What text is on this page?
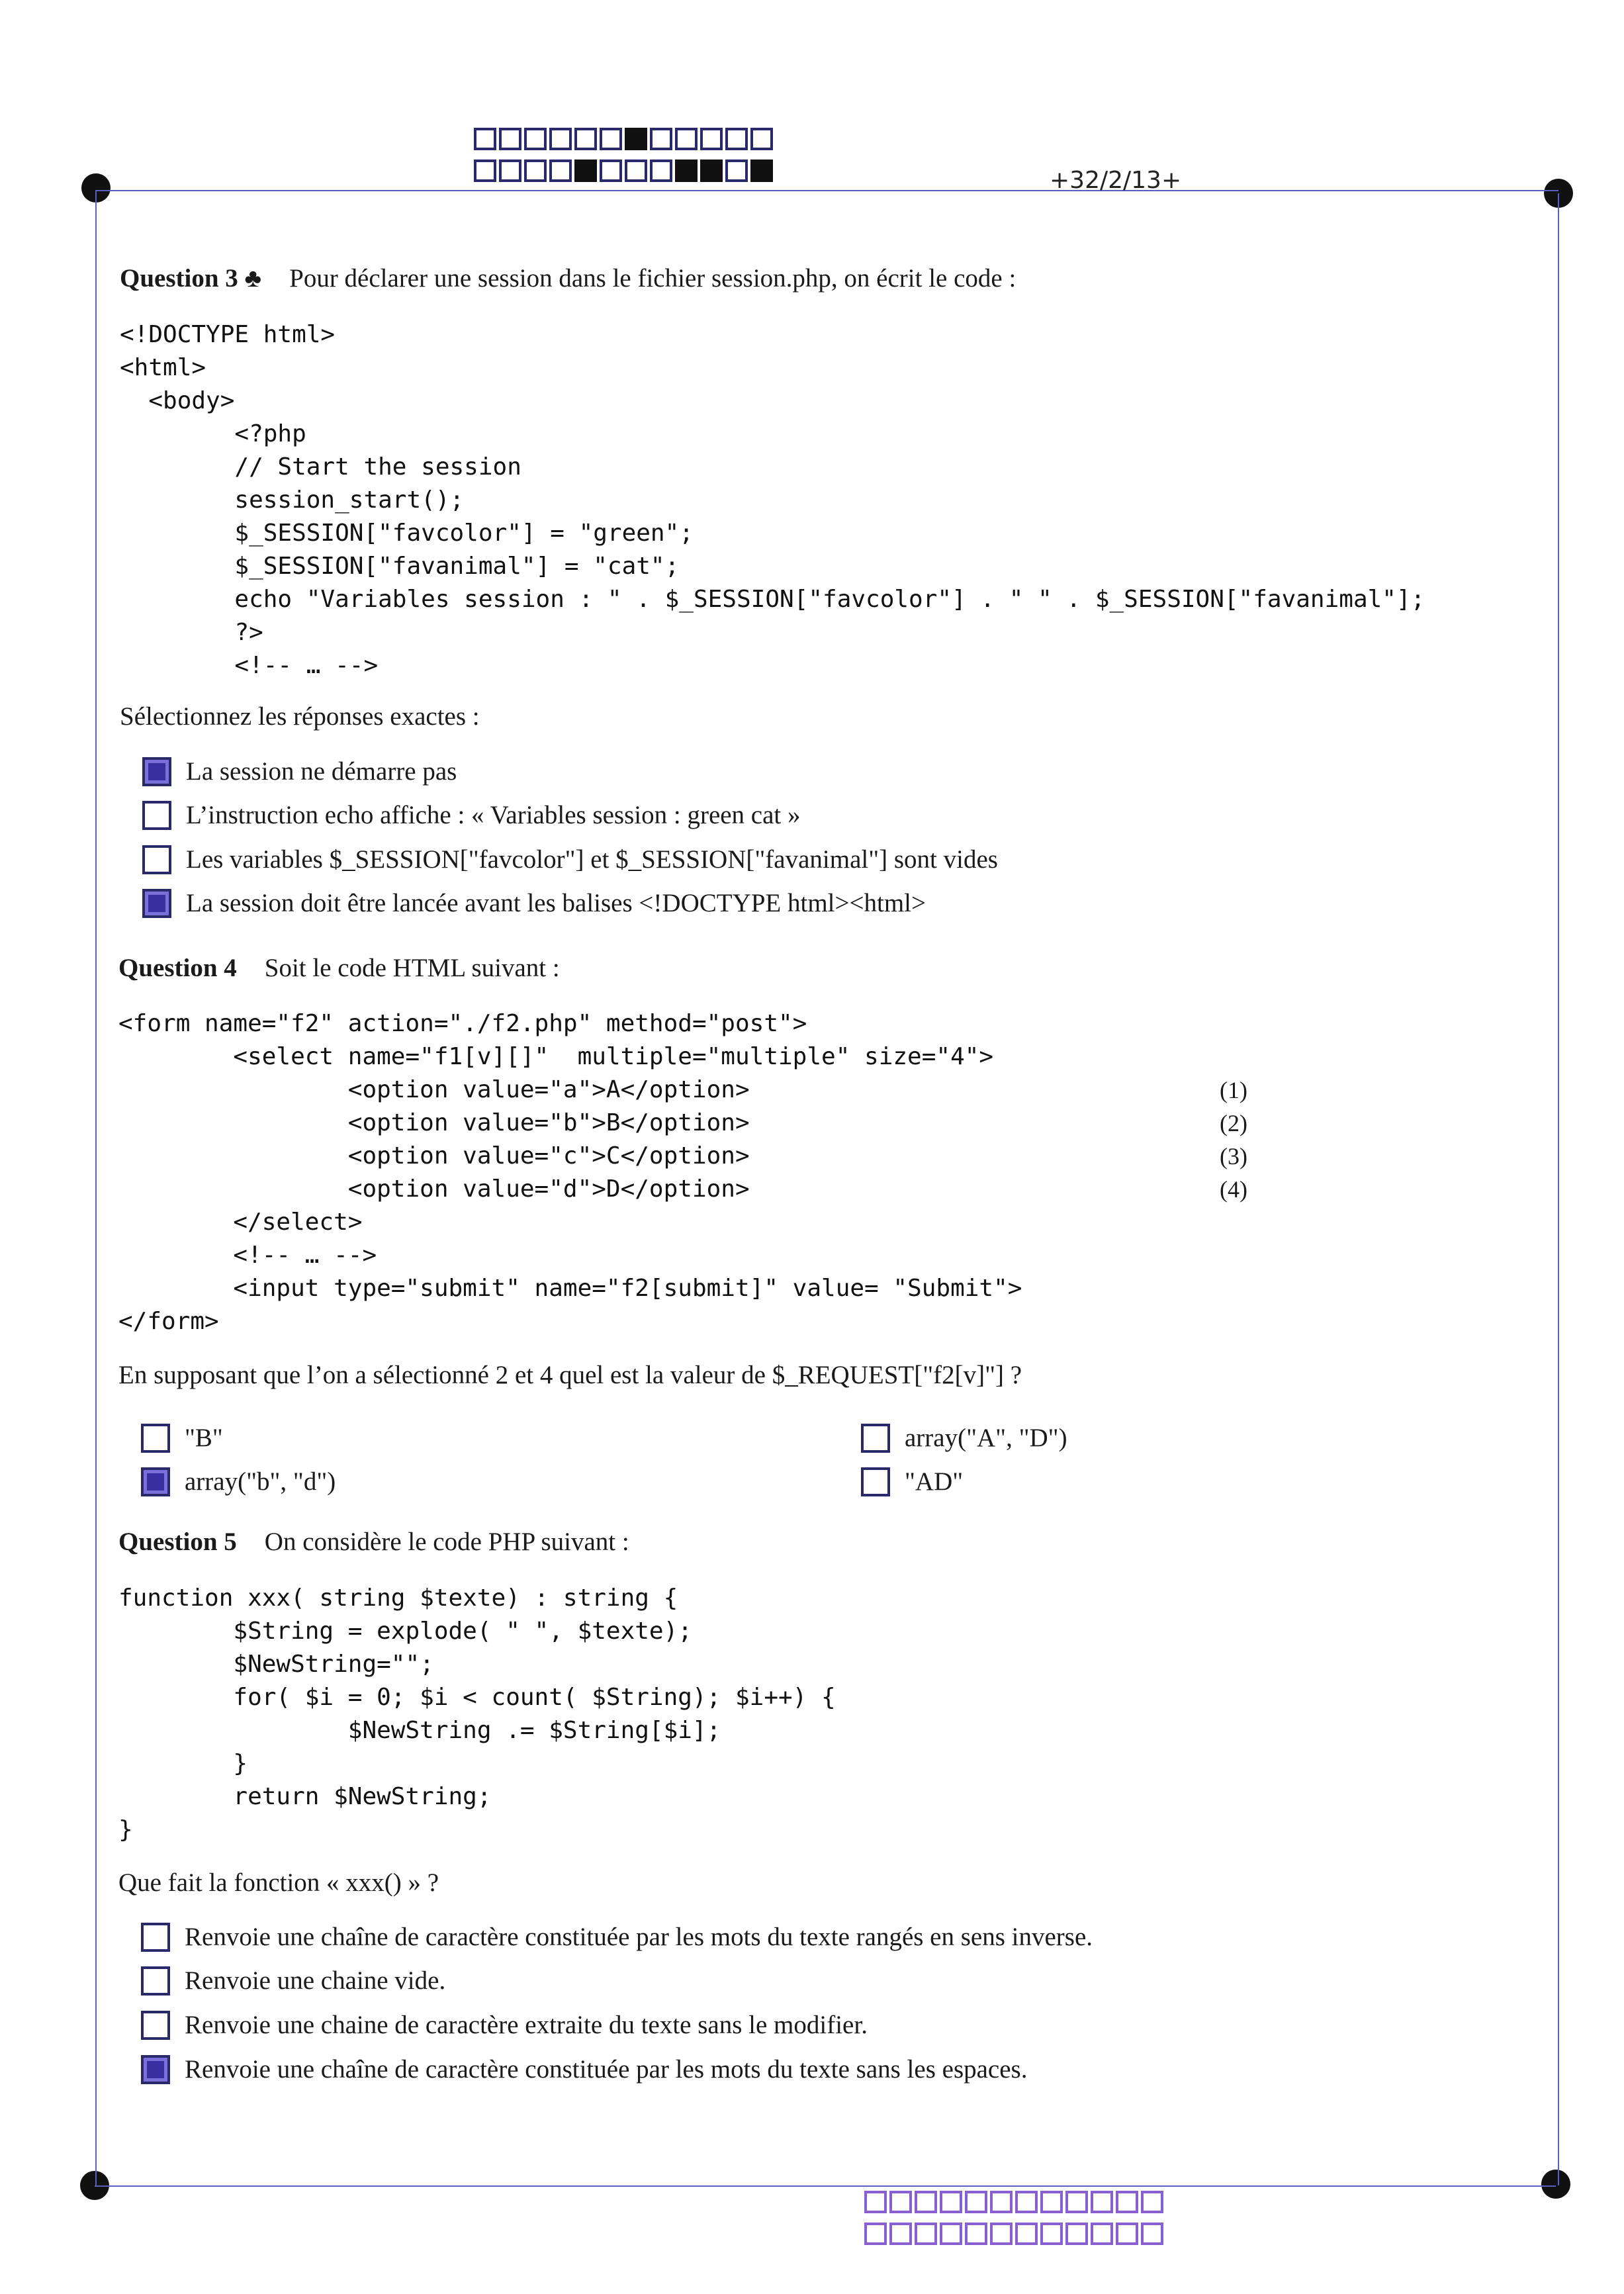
+32/2/13+
Question 3 ♣ Pour déclarer une session dans le fichier session.php, on écrit le code :
<!DOCTYPE html>
<html>
<body>
<?php
// Start the session
session_start();
$_SESSION["favcolor"] = "green";
$_SESSION["favanimal"] = "cat";
echo "Variables session : " . $_SESSION["favcolor"] . " " . $_SESSION["favanimal"];
?>
<!-- … -->
Sélectionnez les réponses exactes :
La session ne démarre pas
L’instruction echo affiche : « Variables session : green cat »
Les variables $_SESSION["favcolor"] et $_SESSION["favanimal"] sont vides
La session doit être lancée avant les balises <!DOCTYPE html><html>
Question 4 Soit le code HTML suivant :
<form name="f2" action="./f2.php" method="post">
<select name="f1[v][]"  multiple="multiple" size="4">
<option value="a">A</option>
<option value="b">B</option>
<option value="c">C</option>
<option value="d">D</option>
</select>
<!-- … -->
<input type="submit" name="f2[submit]" value= "Submit">
</form>
(1)
(2)
(3)
(4)
En supposant que l’on a sélectionné 2 et 4 quel est la valeur de $_REQUEST["f2[v]"] ?
"B"	array("A", "D")
array("b", "d")	"AD"
Question 5 On considère le code PHP suivant :
function xxx( string $texte) : string {
$String = explode( " ", $texte);
$NewString="";
for( $i = 0; $i < count( $String); $i++) {
$NewString .= $String[$i];
}
return $NewString;
}
Que fait la fonction « xxx() » ?
Renvoie une chaîne de caractère constituée par les mots du texte rangés en sens inverse.
Renvoie une chaine vide.
Renvoie une chaine de caractère extraite du texte sans le modifier.
Renvoie une chaîne de caractère constituée par les mots du texte sans les espaces.
